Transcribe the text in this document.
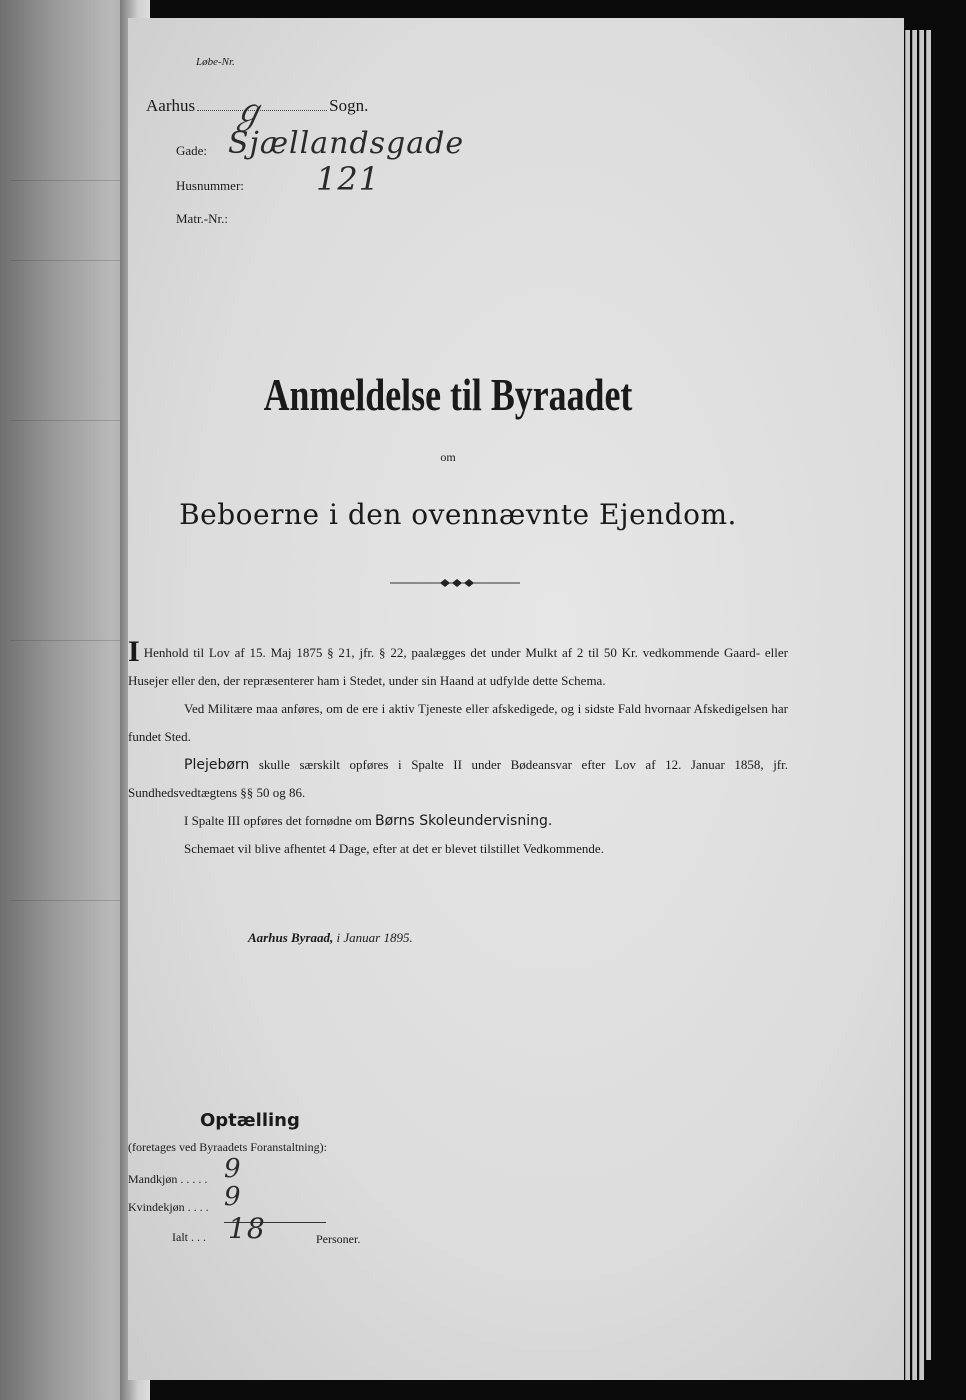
Løbe-Nr.
Aarhus	Sogn.
ℊ
Gade: Sjællandsgade
Husnummer: 121
Matr.-Nr.:
Anmeldelse til Byraadet
om
Beboerne i den ovennævnte Ejendom.

I Henhold til Lov af 15. Maj 1875 § 21, jfr. § 22, paalægges det under Mulkt af 2 til 50 Kr. vedkommende Gaard- eller Husejer eller den, der repræsenterer ham i Stedet, under sin Haand at udfylde dette Schema.

Ved Militære maa anføres, om de ere i aktiv Tjeneste eller afskedigede, og i sidste Fald hvornaar Afskedigelsen har fundet Sted.

Plejebørn skulle særskilt opføres i Spalte II under Bødeansvar efter Lov af 12. Januar 1858, jfr. Sundhedsvedtægtens §§ 50 og 86.

I Spalte III opføres det fornødne om Børns Skoleundervisning.

Schemaet vil blive afhentet 4 Dage, efter at det er blevet tilstillet Vedkommende.

Aarhus Byraad, i Januar 1895.
Optælling
(foretages ved Byraadets Foranstaltning):
Mandkjøn . . . . . 9
Kvindekjøn . . . . 9
Ialt . . . 18	Personer.
